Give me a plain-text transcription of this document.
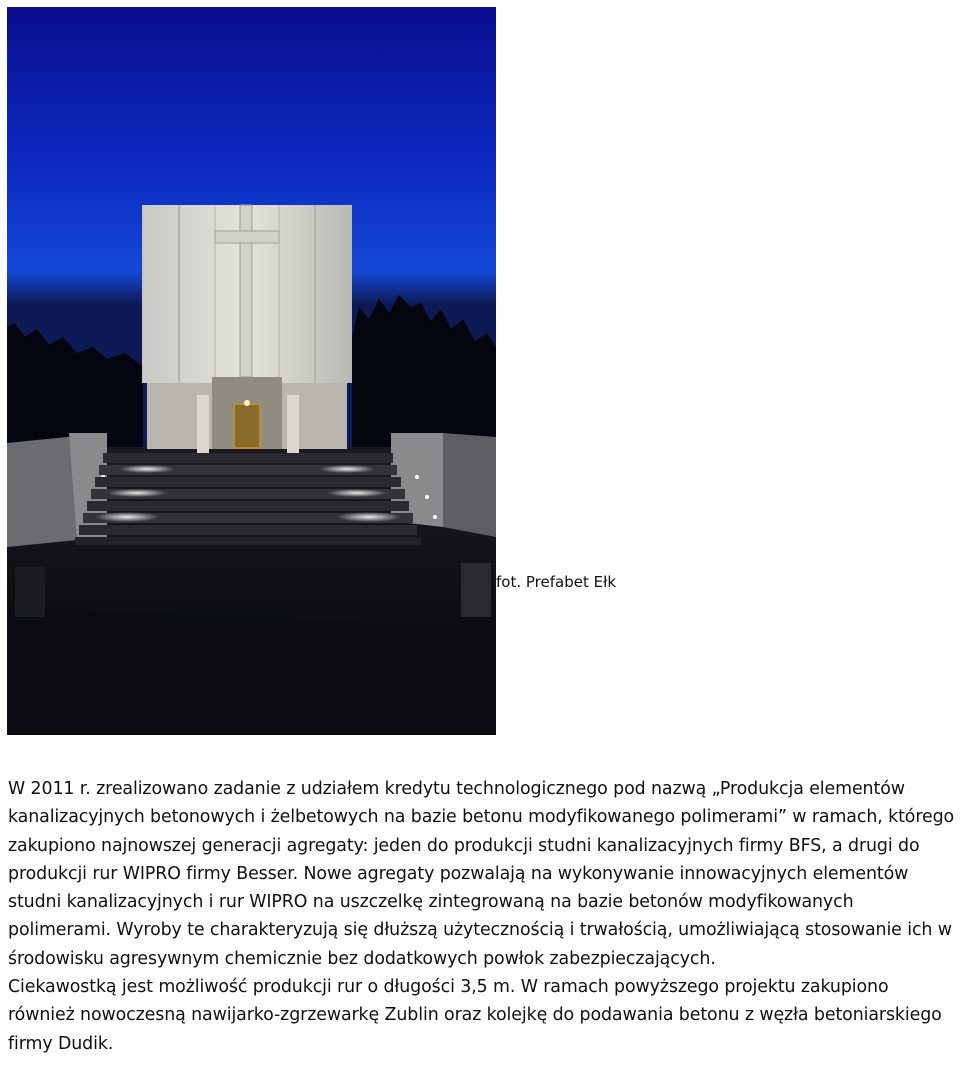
fot. Prefabet Ełk

W 2011 r. zrealizowano zadanie z udziałem kredytu technologicznego pod nazwą „Produkcja elementów kanalizacyjnych betonowych i żelbetowych na bazie betonu modyfikowanego polimerami” w ramach, którego zakupiono najnowszej generacji agregaty: jeden do produkcji studni kanalizacyjnych firmy BFS, a drugi do produkcji rur WIPRO firmy Besser. Nowe agregaty pozwalają na wykonywanie innowacyjnych elementów studni kanalizacyjnych i rur WIPRO na uszczelkę zintegrowaną na bazie betonów modyfikowanych polimerami. Wyroby te charakteryzują się dłuższą użytecznością i trwałością, umożliwiającą stosowanie ich w środowisku agresywnym chemicznie bez dodatkowych powłok zabezpieczających.

Ciekawostką jest możliwość produkcji rur o długości 3,5 m. W ramach powyższego projektu zakupiono również nowoczesną nawijarko-zgrzewarkę Zublin oraz kolejkę do podawania betonu z węzła betoniarskiego firmy Dudik.
